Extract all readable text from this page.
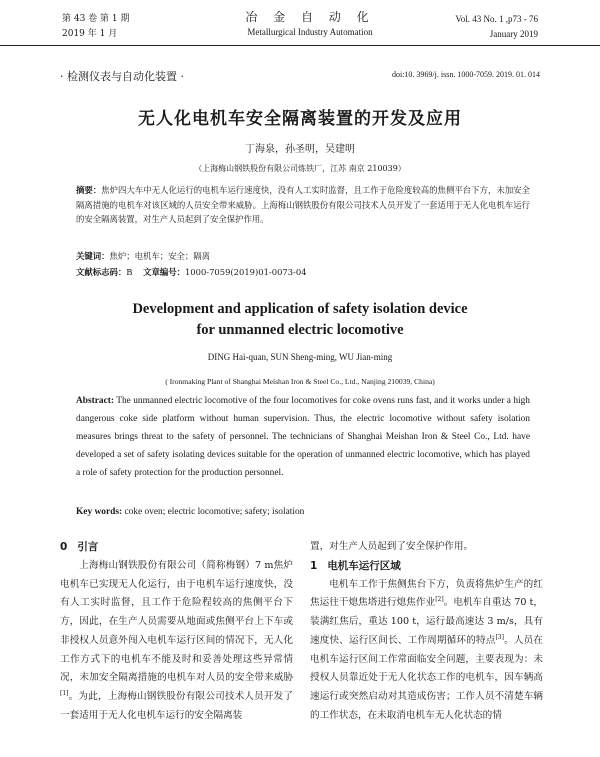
第 43 卷 第 1 期
2019 年 1 月
冶 金 自 动 化
Metallurgical Industry Automation
Vol. 43 No. 1 ,p73 - 76
January 2019
· 检测仪表与自动化装置 ·	doi:10. 3969/j. issn. 1000-7059. 2019. 01. 014
无人化电机车安全隔离装置的开发及应用
丁海泉，孙圣明，吴建明
（上海梅山钢铁股份有限公司炼铁厂，江苏 南京 210039）
摘要：焦炉四大车中无人化运行的电机车运行速度快，没有人工实时监督，且工作于危险度较高的焦侧平台下方，未加安全隔离措施的电机车对该区域的人员安全带来威胁。上海梅山钢铁股份有限公司技术人员开发了一套适用于无人化电机车运行的安全隔离装置，对生产人员起到了安全保护作用。
关键词：焦炉；电机车；安全；隔离
文献标志码：B 文章编号：1000-7059(2019)01-0073-04
Development and application of safety isolation device
for unmanned electric locomotive
DING Hai-quan, SUN Sheng-ming, WU Jian-ming
( Ironmaking Plant of Shanghai Meishan Iron & Steel Co., Ltd., Nanjing 210039, China)
Abstract: The unmanned electric locomotive of the four locomotives for coke ovens runs fast, and it works under a high dangerous coke side platform without human supervision. Thus, the electric locomotive without safety isolation measures brings threat to the safety of personnel. The technicians of Shanghai Meishan Iron & Steel Co., Ltd. have developed a set of safety isolating devices suitable for the operation of unmanned electric locomotive, which has played a role of safety protection for the production personnel.
Key words: coke oven; electric locomotive; safety; isolation
0 引言
上海梅山钢铁股份有限公司（简称梅钢）7 m焦炉电机车已实现无人化运行，由于电机车运行速度快，没有人工实时监督，且工作于危险程较高的焦侧平台下方，因此，在生产人员需要从地面或焦侧平台上下车或非授权人员意外闯入电机车运行区间的情况下，无人化工作方式下的电机车不能及时和妥善处理这些异常情况，未加安全隔离措施的电机车对人员的安全带来威胁[1]。为此，上海梅山钢铁股份有限公司技术人员开发了一套适用于无人化电机车运行的安全隔离装
置，对生产人员起到了安全保护作用。
1 电机车运行区域
电机车工作于焦侧焦台下方，负责将焦炉生产的红焦运往干熄焦塔进行熄焦作业[2]。电机车自重达 70 t，装满红焦后，重达 100 t，运行最高速达 3 m/s，具有速度快、运行区间长、工作周期循环的特点[3]。人员在电机车运行区间工作常面临安全问题，主要表现为：未授权人员靠近处于无人化状态工作的电机车，因车辆高速运行或突然启动对其造成伤害；工作人员不清楚车辆的工作状态，在未取消电机车无人化状态的情
